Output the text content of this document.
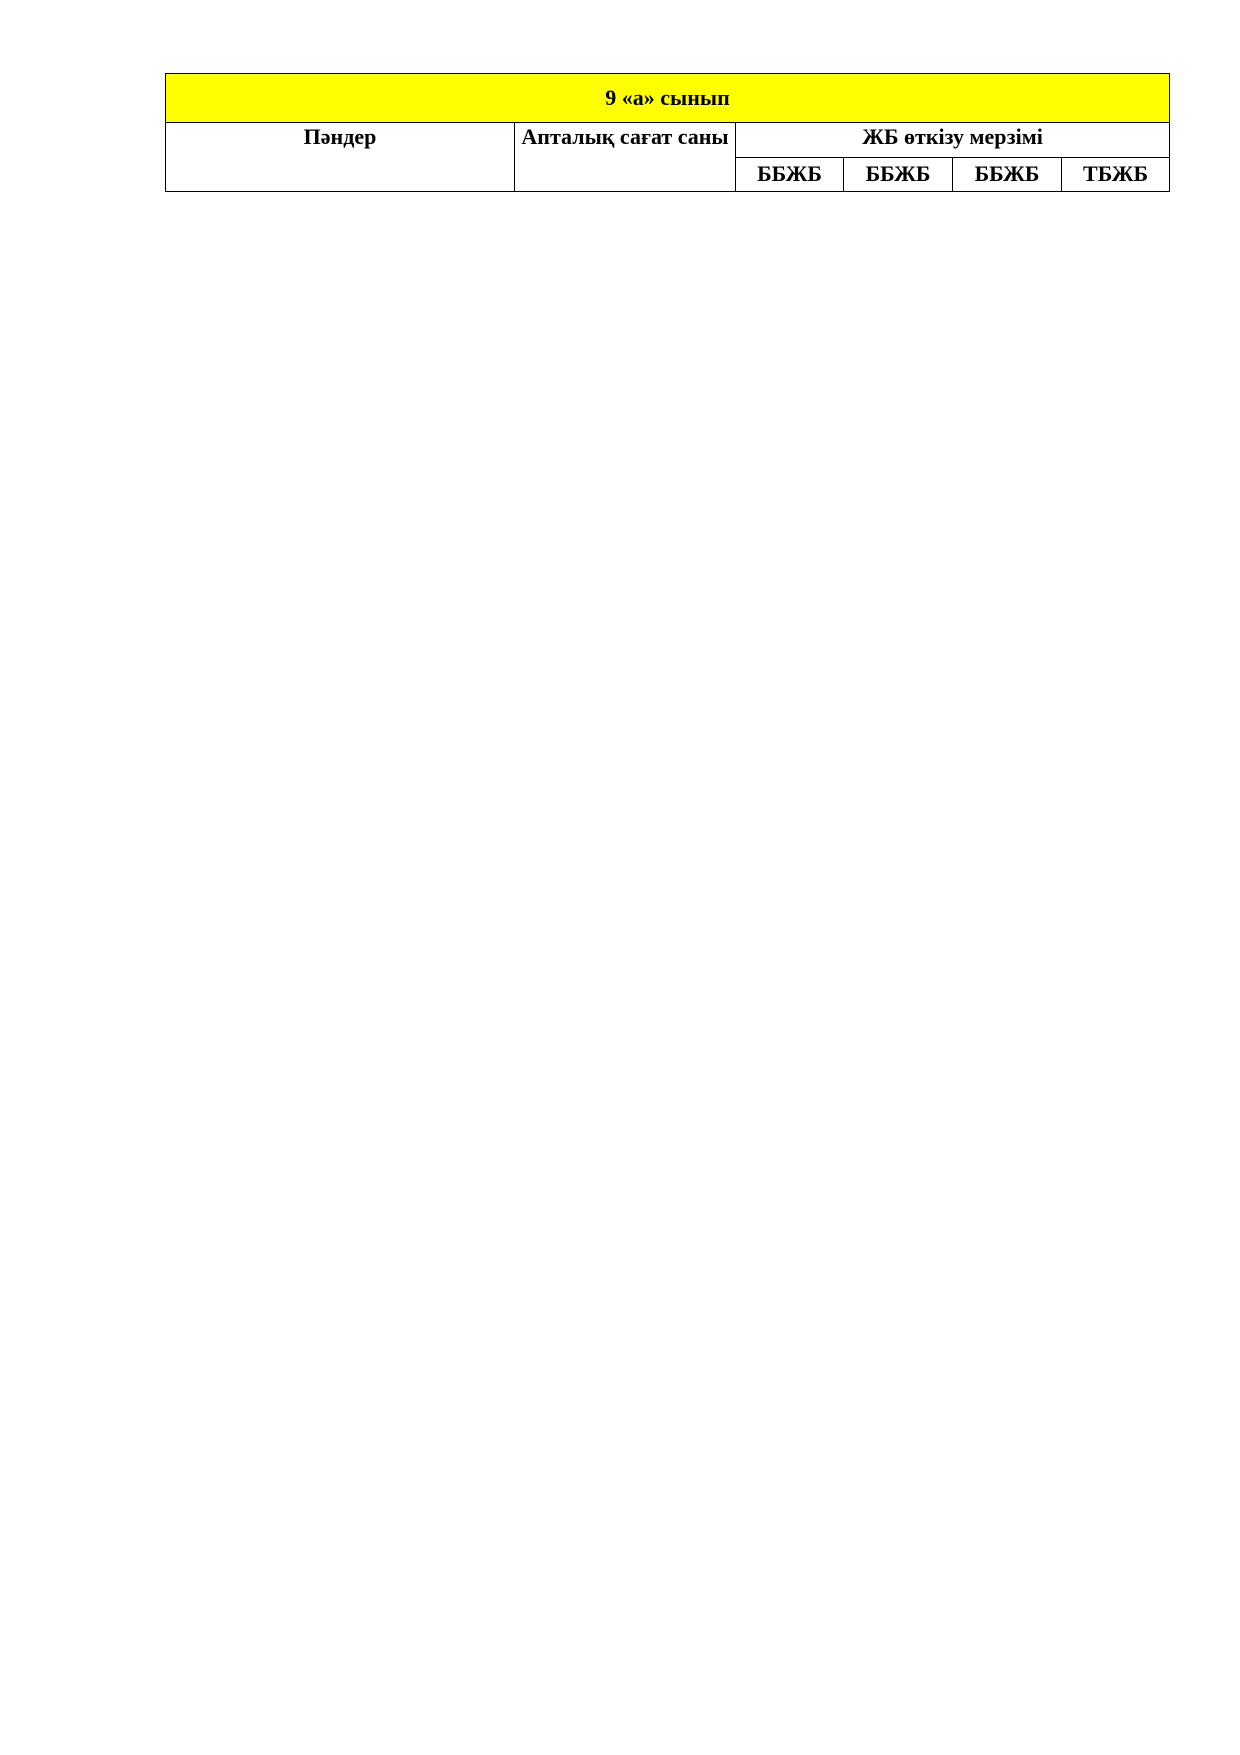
9 «а» сынып					
Пәндер	Апталық сағат саны	ЖБ өткізу мерзімі			
		ББЖБ	ББЖБ	ББЖБ	ТБЖБ
